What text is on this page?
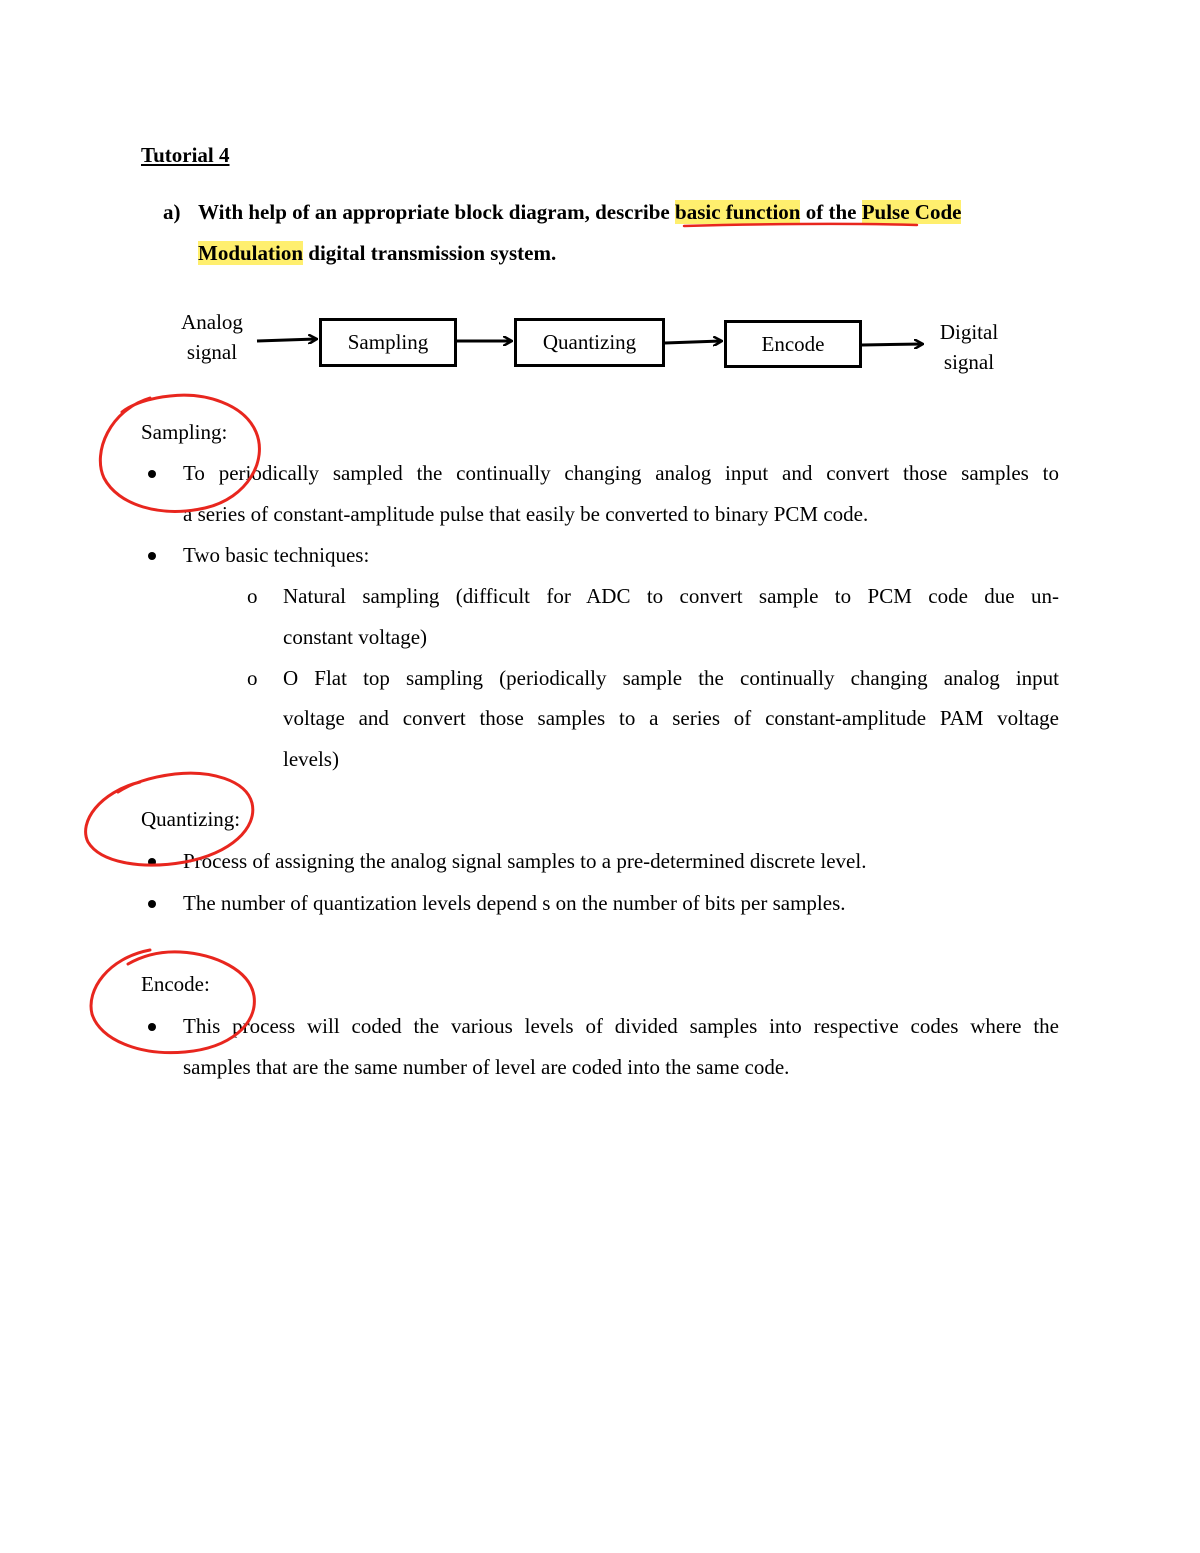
Tutorial 4
a) With help of an appropriate block diagram, describe basic function of the Pulse Code
Modulation digital transmission system.
Analog
signal	Sampling	Quantizing	Encode	Digital
signal
Sampling:
To periodically sampled the continually changing analog input and convert those samples to
a series of constant-amplitude pulse that easily be converted to binary PCM code.
Two basic techniques:
o Natural sampling (difficult for ADC to convert sample to PCM code due un-
constant voltage)
o O Flat top sampling (periodically sample the continually changing analog input
voltage and convert those samples to a series of constant-amplitude PAM voltage
levels)
Quantizing:
Process of assigning the analog signal samples to a pre-determined discrete level.
The number of quantization levels depend s on the number of bits per samples.
Encode:
This process will coded the various levels of divided samples into respective codes where the
samples that are the same number of level are coded into the same code.
